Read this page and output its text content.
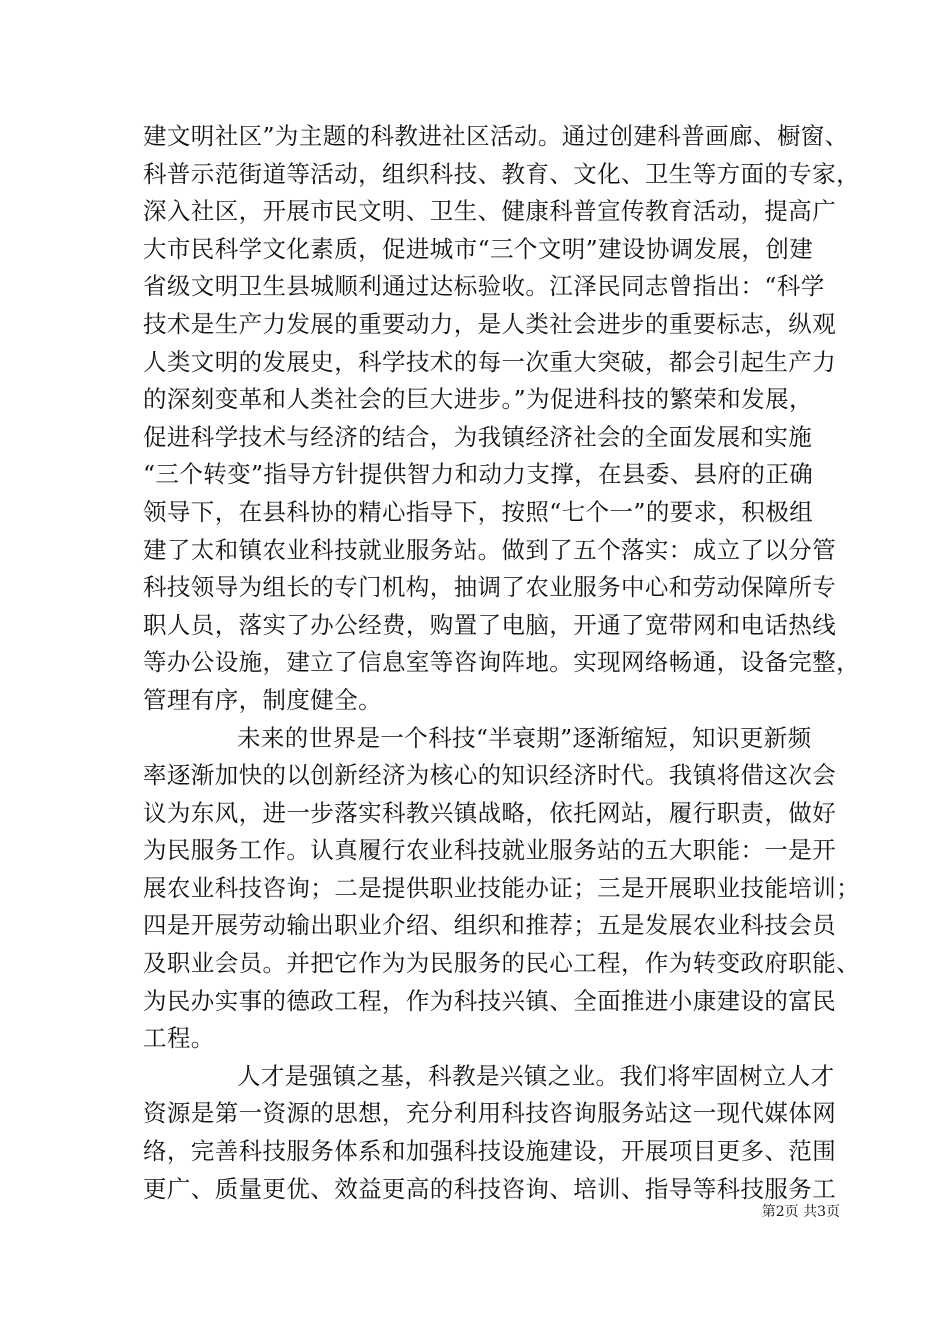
建文明社区”为主题的科教进社区活动。通过创建科普画廊、橱窗、
科普示范街道等活动，组织科技、教育、文化、卫生等方面的专家，
深入社区，开展市民文明、卫生、健康科普宣传教育活动，提高广
大市民科学文化素质，促进城市“三个文明”建设协调发展，创建
省级文明卫生县城顺利通过达标验收。江泽民同志曾指出：“科学
技术是生产力发展的重要动力，是人类社会进步的重要标志，纵观
人类文明的发展史，科学技术的每一次重大突破，都会引起生产力
的深刻变革和人类社会的巨大进步。”为促进科技的繁荣和发展，
促进科学技术与经济的结合，为我镇经济社会的全面发展和实施
“三个转变”指导方针提供智力和动力支撑，在县委、县府的正确
领导下，在县科协的精心指导下，按照“七个一”的要求，积极组
建了太和镇农业科技就业服务站。做到了五个落实：成立了以分管
科技领导为组长的专门机构，抽调了农业服务中心和劳动保障所专
职人员，落实了办公经费，购置了电脑，开通了宽带网和电话热线
等办公设施，建立了信息室等咨询阵地。实现网络畅通，设备完整，
管理有序，制度健全。
未来的世界是一个科技“半衰期”逐渐缩短，知识更新频
率逐渐加快的以创新经济为核心的知识经济时代。我镇将借这次会
议为东风，进一步落实科教兴镇战略，依托网站，履行职责，做好
为民服务工作。认真履行农业科技就业服务站的五大职能：一是开
展农业科技咨询；二是提供职业技能办证；三是开展职业技能培训；
四是开展劳动输出职业介绍、组织和推荐；五是发展农业科技会员
及职业会员。并把它作为为民服务的民心工程，作为转变政府职能、
为民办实事的德政工程，作为科技兴镇、全面推进小康建设的富民
工程。
人才是强镇之基，科教是兴镇之业。我们将牢固树立人才
资源是第一资源的思想，充分利用科技咨询服务站这一现代媒体网
络，完善科技服务体系和加强科技设施建设，开展项目更多、范围
更广、质量更优、效益更高的科技咨询、培训、指导等科技服务工
第2页 共3页
